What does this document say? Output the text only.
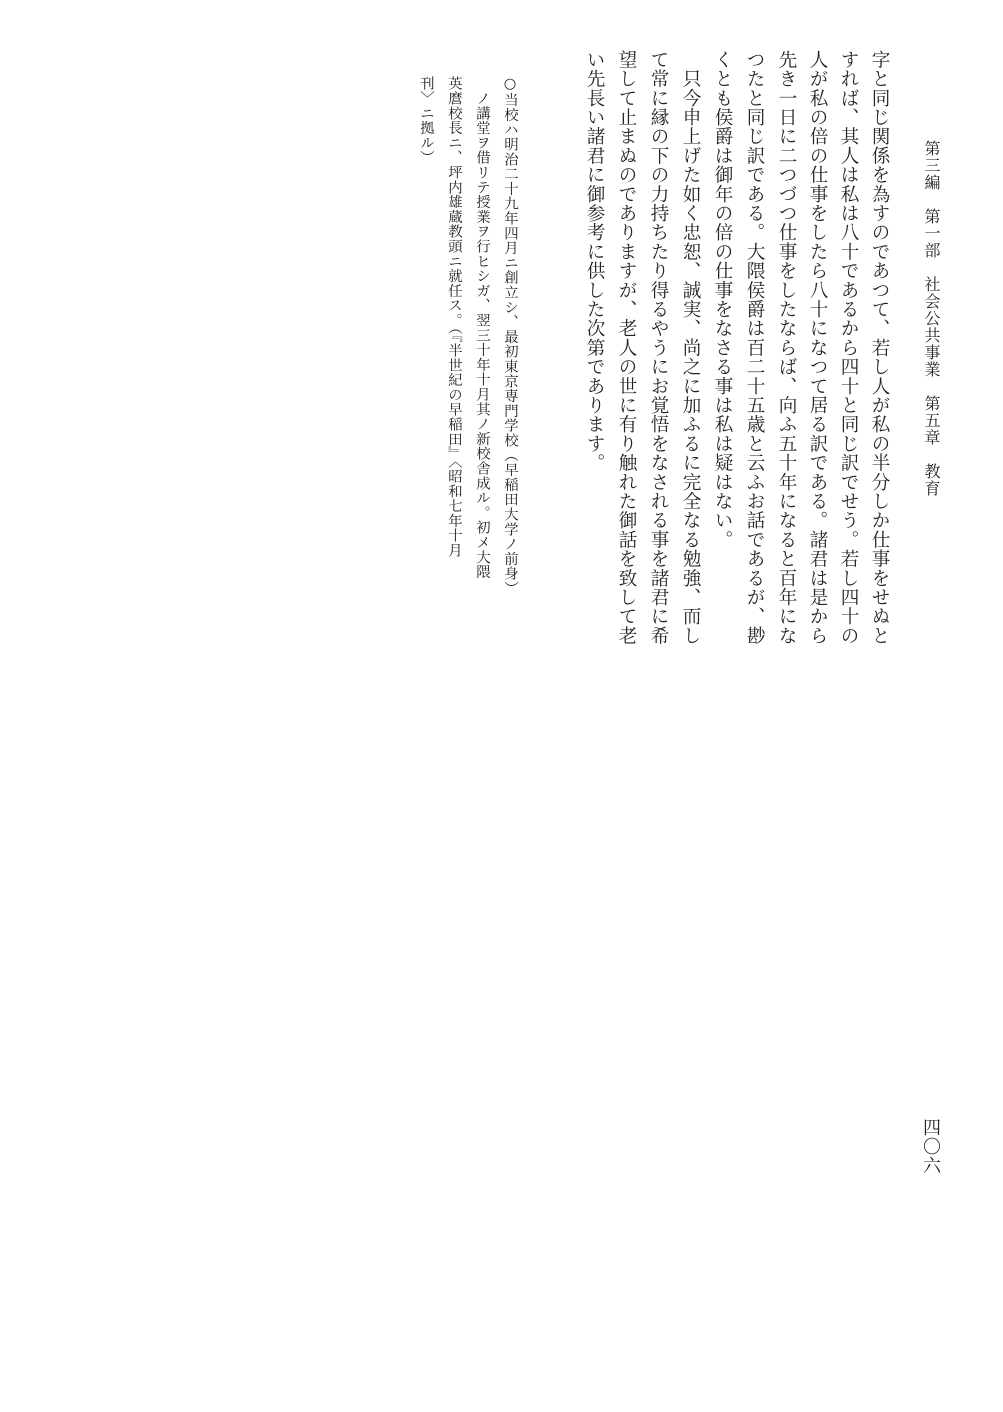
第三編　第一部　社会公共事業　第五章　教育
字と同じ関係を為すのであつて、若し人が私の半分しか仕事をせぬと
すれば、其人は私は八十であるから四十と同じ訳でせう。若し四十の
人が私の倍の仕事をしたら八十になつて居る訳である。諸君は是から
先き一日に二つづつ仕事をしたならば、向ふ五十年になると百年にな
つたと同じ訳である。大隈侯爵は百二十五歳と云ふお話であるが、尠
くとも侯爵は御年の倍の仕事をなさる事は私は疑はない。
　只今申上げた如く忠恕、誠実、尚之に加ふるに完全なる勉強、而し
て常に縁の下の力持ちたり得るやうにお覚悟をなされる事を諸君に希
望して止まぬのでありますが、老人の世に有り触れた御話を致して老
い先長い諸君に御参考に供した次第であります。
○当校ハ明治二十九年四月ニ創立シ、最初東京専門学校（早稲田大学ノ前身）
　ノ講堂ヲ借リテ授業ヲ行ヒシガ、翌三十年十月其ノ新校舎成ル。初メ大隈
英麿校長ニ、坪内雄蔵教頭ニ就任ス。（『半世紀の早稲田』〈昭和七年十月
刊〉ニ拠ル）
四〇六
